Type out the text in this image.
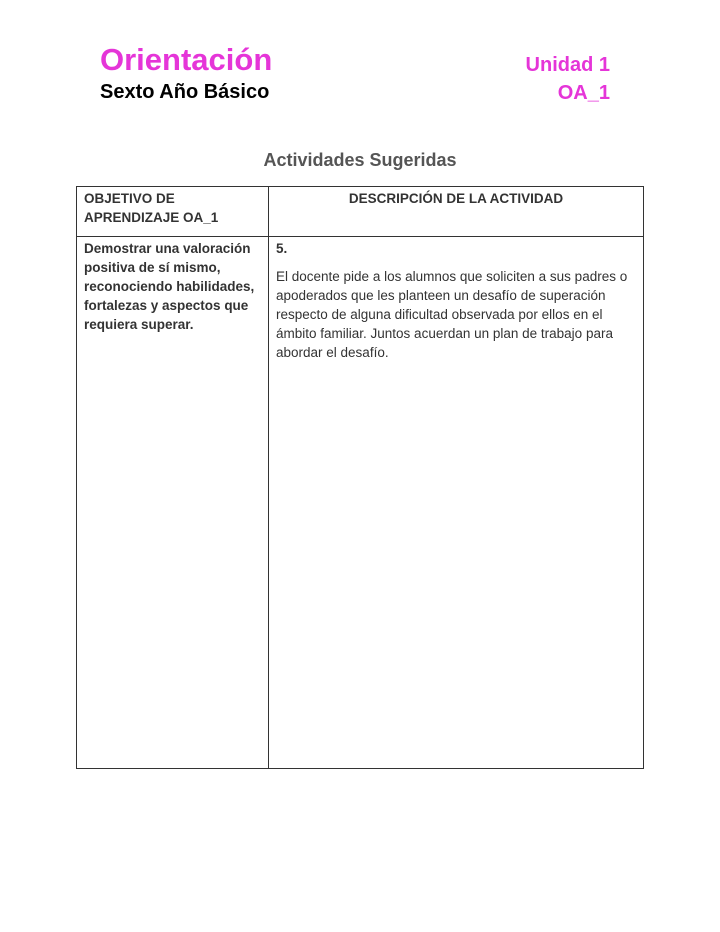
Orientación
Sexto Año Básico
Unidad 1
OA_1
Actividades Sugeridas
OBJETIVO DE APRENDIZAJE OA_1	DESCRIPCIÓN DE LA ACTIVIDAD
Demostrar una valoración positiva de sí mismo, reconociendo habilidades, fortalezas y aspectos que requiera superar.	5.

El docente pide a los alumnos que soliciten a sus padres o apoderados que les planteen un desafío de superación respecto de alguna dificultad observada por ellos en el ámbito familiar. Juntos acuerdan un plan de trabajo para abordar el desafío.
